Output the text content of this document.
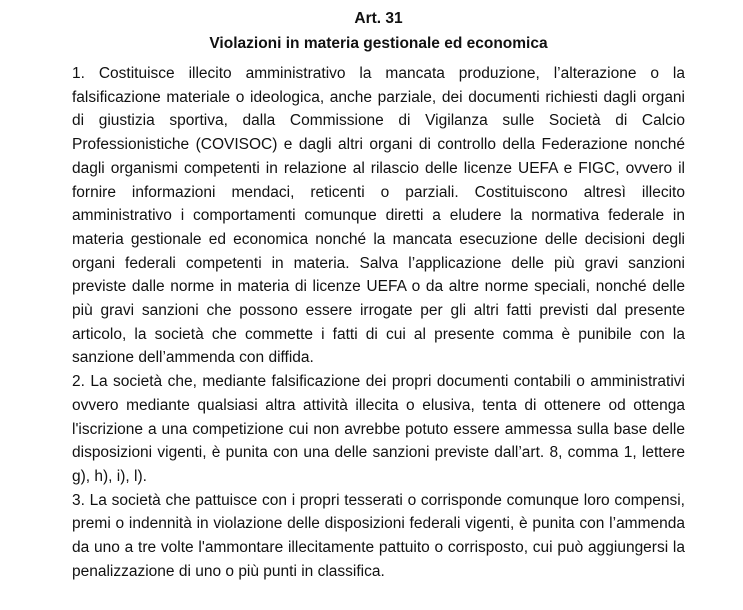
Art. 31
Violazioni in materia gestionale ed economica

1. Costituisce illecito amministrativo la mancata produzione, l’alterazione o la falsificazione materiale o ideologica, anche parziale, dei documenti richiesti dagli organi di giustizia sportiva, dalla Commissione di Vigilanza sulle Società di Calcio Professionistiche (COVISOC) e dagli altri organi di controllo della Federazione nonché dagli organismi competenti in relazione al rilascio delle licenze UEFA e FIGC, ovvero il fornire informazioni mendaci, reticenti o parziali. Costituiscono altresì illecito amministrativo i comportamenti comunque diretti a eludere la normativa federale in materia gestionale ed economica nonché la mancata esecuzione delle decisioni degli organi federali competenti in materia. Salva l’applicazione delle più gravi sanzioni previste dalle norme in materia di licenze UEFA o da altre norme speciali, nonché delle più gravi sanzioni che possono essere irrogate per gli altri fatti previsti dal presente articolo, la società che commette i fatti di cui al presente comma è punibile con la sanzione dell’ammenda con diffida.

2. La società che, mediante falsificazione dei propri documenti contabili o amministrativi ovvero mediante qualsiasi altra attività illecita o elusiva, tenta di ottenere od ottenga l'iscrizione a una competizione cui non avrebbe potuto essere ammessa sulla base delle disposizioni vigenti, è punita con una delle sanzioni previste dall’art. 8, comma 1, lettere g), h), i), l).

3. La società che pattuisce con i propri tesserati o corrisponde comunque loro compensi, premi o indennità in violazione delle disposizioni federali vigenti, è punita con l’ammenda da uno a tre volte l'ammontare illecitamente pattuito o corrisposto, cui può aggiungersi la penalizzazione di uno o più punti in classifica.
